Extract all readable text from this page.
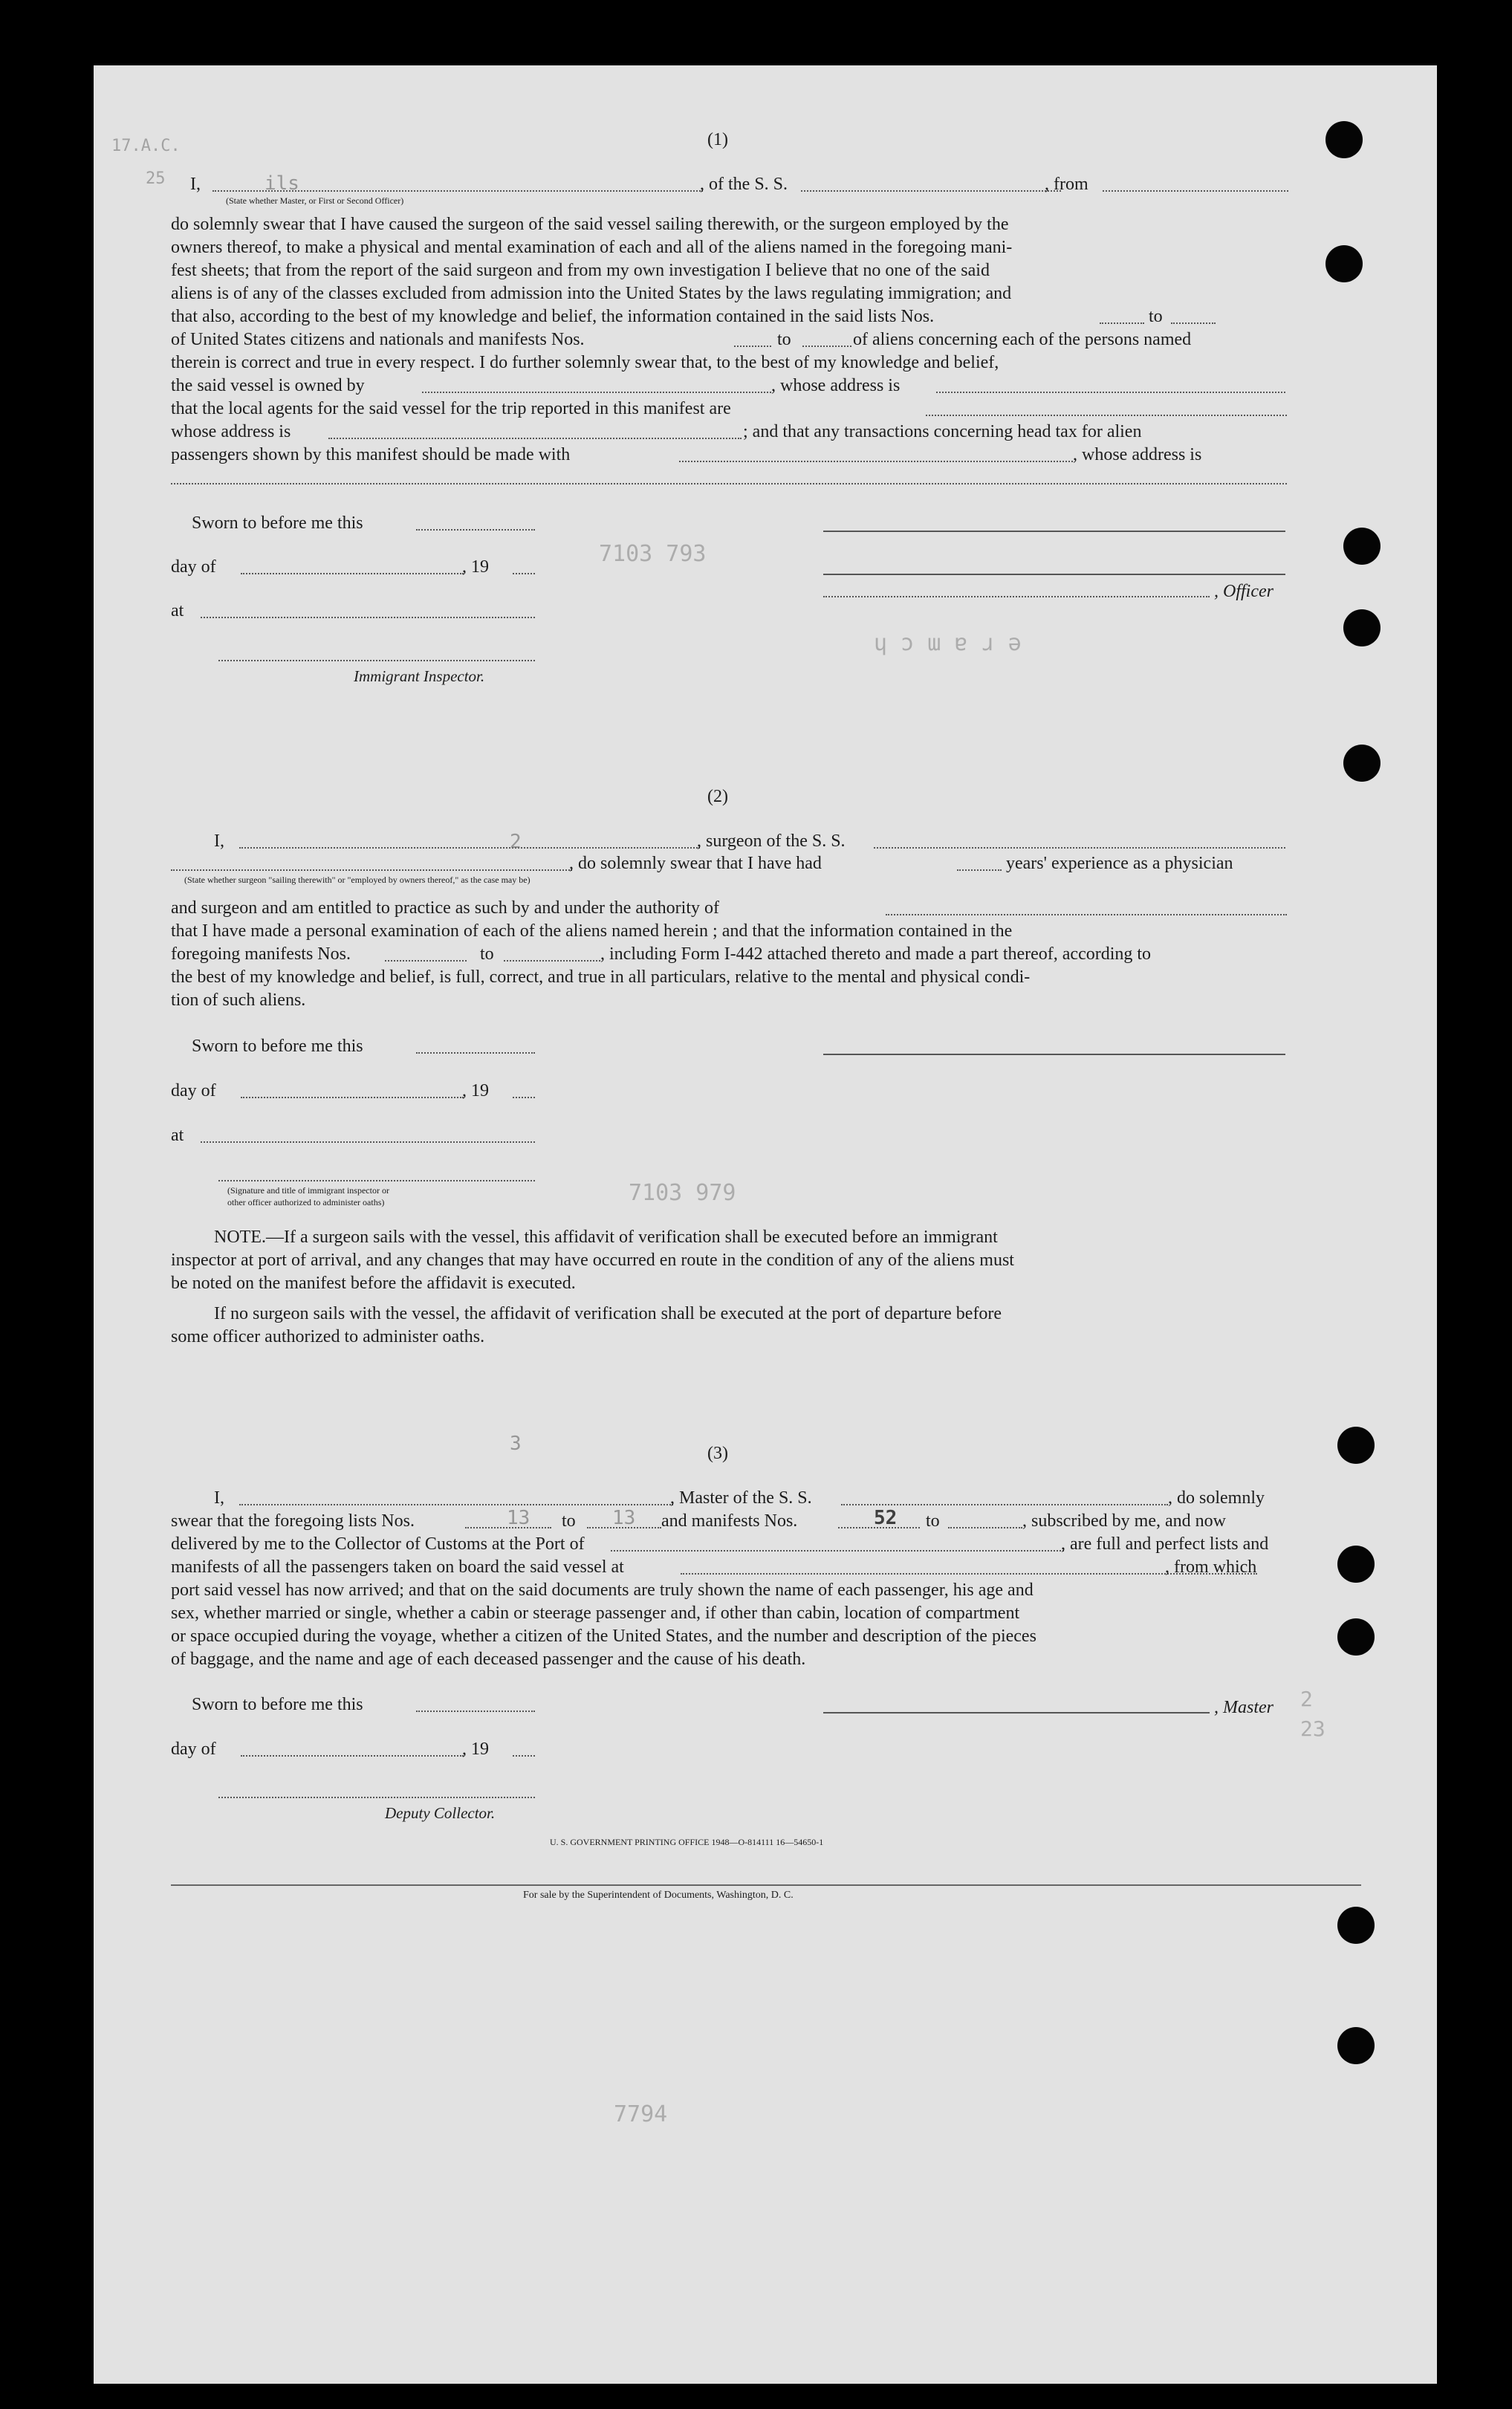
(1)
I,	, of the S. S.	, from
(State whether Master, or First or Second Officer)
do solemnly swear that I have caused the surgeon of the said vessel sailing therewith, or the surgeon employed by the
owners thereof, to make a physical and mental examination of each and all of the aliens named in the foregoing mani-
fest sheets; that from the report of the said surgeon and from my own investigation I believe that no one of the said
aliens is of any of the classes excluded from admission into the United States by the laws regulating immigration; and
that also, according to the best of my knowledge and belief, the information contained in the said lists Nos.	to
of United States citizens and nationals and manifests Nos.	to	of aliens concerning each of the persons named
therein is correct and true in every respect. I do further solemnly swear that, to the best of my knowledge and belief,
the said vessel is owned by	, whose address is
that the local agents for the said vessel for the trip reported in this manifest are
whose address is	; and that any transactions concerning head tax for alien
passengers shown by this manifest should be made with	, whose address is
Sworn to before me this
day of	, 19
at
Immigrant Inspector.
, Officer
(2)
I,	, surgeon of the S. S.
, do solemnly swear that I have had	years' experience as a physician
(State whether surgeon "sailing therewith" or "employed by owners thereof," as the case may be)
and surgeon and am entitled to practice as such by and under the authority of
that I have made a personal examination of each of the aliens named herein ; and that the information contained in the
foregoing manifests Nos.	to	, including Form I-442 attached thereto and made a part thereof, according to
the best of my knowledge and belief, is full, correct, and true in all particulars, relative to the mental and physical condi-
tion of such aliens.
Sworn to before me this
day of	, 19
at
(Signature and title of immigrant inspector or
other officer authorized to administer oaths)
NOTE.—If a surgeon sails with the vessel, this affidavit of verification shall be executed before an immigrant
inspector at port of arrival, and any changes that may have occurred en route in the condition of any of the aliens must
be noted on the manifest before the affidavit is executed.
If no surgeon sails with the vessel, the affidavit of verification shall be executed at the port of departure before
some officer authorized to administer oaths.
(3)
I,	, Master of the S. S.	, do solemnly
swear that the foregoing lists Nos.	to	and manifests Nos.	to	, subscribed by me, and now
delivered by me to the Collector of Customs at the Port of	, are full and perfect lists and
manifests of all the passengers taken on board the said vessel at	, from which
port said vessel has now arrived; and that on the said documents are truly shown the name of each passenger, his age and
sex, whether married or single, whether a cabin or steerage passenger and, if other than cabin, location of compartment
or space occupied during the voyage, whether a citizen of the United States, and the number and description of the pieces
of baggage, and the name and age of each deceased passenger and the cause of his death.
Sworn to before me this
day of	, 19
Deputy Collector.
, Master
U. S. GOVERNMENT PRINTING OFFICE 1948—O-814111 16—54650-1
For sale by the Superintendent of Documents, Washington, D. C.
ils
2
3
13	13	52
7103 793
ɥ ɔ ɯ ɐ ɹ ǝ
7103 979
7794
17.A.C.
25
2
23
